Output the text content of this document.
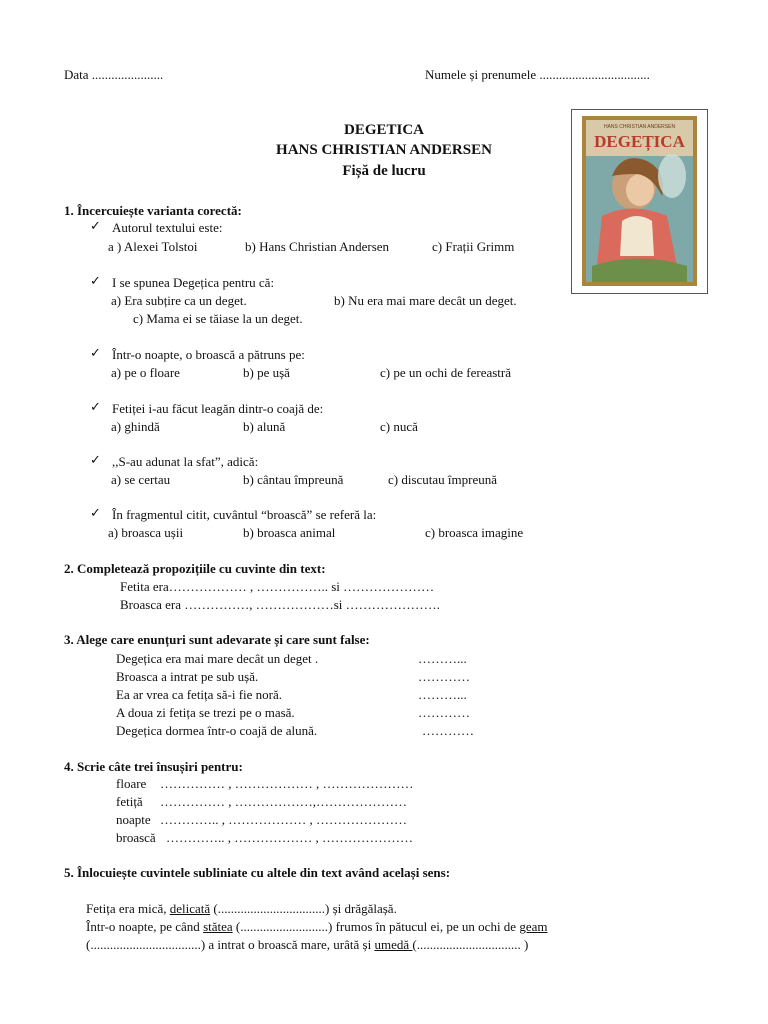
Data ......................	Numele și prenumele ..................................
DEGETICA
HANS CHRISTIAN ANDERSEN
Fișă de lucru
HANS CHRISTIAN ANDERSEN
DEGEȚICA
1. Încercuiește varianta corectă:
✓ Autorul textului este:
a ) Alexei Tolstoi	b) Hans Christian Andersen	c) Frații Grimm
✓ I se spunea Degețica pentru că:
a) Era subțire ca un deget.	b) Nu era mai mare decât un deget.
c) Mama ei se tăiase la un deget.
✓ Într-o noapte, o broască a pătruns pe:
a) pe o floare	b) pe ușă	c) pe un ochi de fereastră
✓ Fetiței i-au făcut leagăn dintr-o coajă de:
a) ghindă	b) alună	c) nucă
✓ ,,S-au adunat la sfat”, adică:
a) se certau	b) cântau împreună	c) discutau împreună
✓ În fragmentul citit, cuvântul “broască” se referă la:
a) broasca ușii	b) broasca animal	c) broasca imagine
2. Completează propozițiile cu cuvinte din text:
Fetita era……………… , …………….. si …………………
Broasca era ……………, ………………si ………………….
3. Alege care enunțuri sunt adevarate și care sunt false:
Degețica era mai mare decât un deget .	………...
Broasca a intrat pe sub ușă.	…………
Ea ar vrea ca fetița să-i fie noră.	………...
A doua zi fetița se trezi pe o masă.	…………
Degețica dormea într-o coajă de alună.	…………
4. Scrie câte trei însușiri pentru:
floare …………… , ……………… , …………………
fetiță …………… , ………………,…………………
noapte ………….. , ……………… , …………………
broască ………….. , ……………… , …………………
5. Înlocuiește cuvintele subliniate cu altele din text având același sens:
Fetița era mică, delicată (.................................) și drăgălașă.
Într-o noapte, pe când stătea (...........................) frumos în pătucul ei, pe un ochi de geam
(..................................) a intrat o broască mare, urâtă și umedă (................................ )
